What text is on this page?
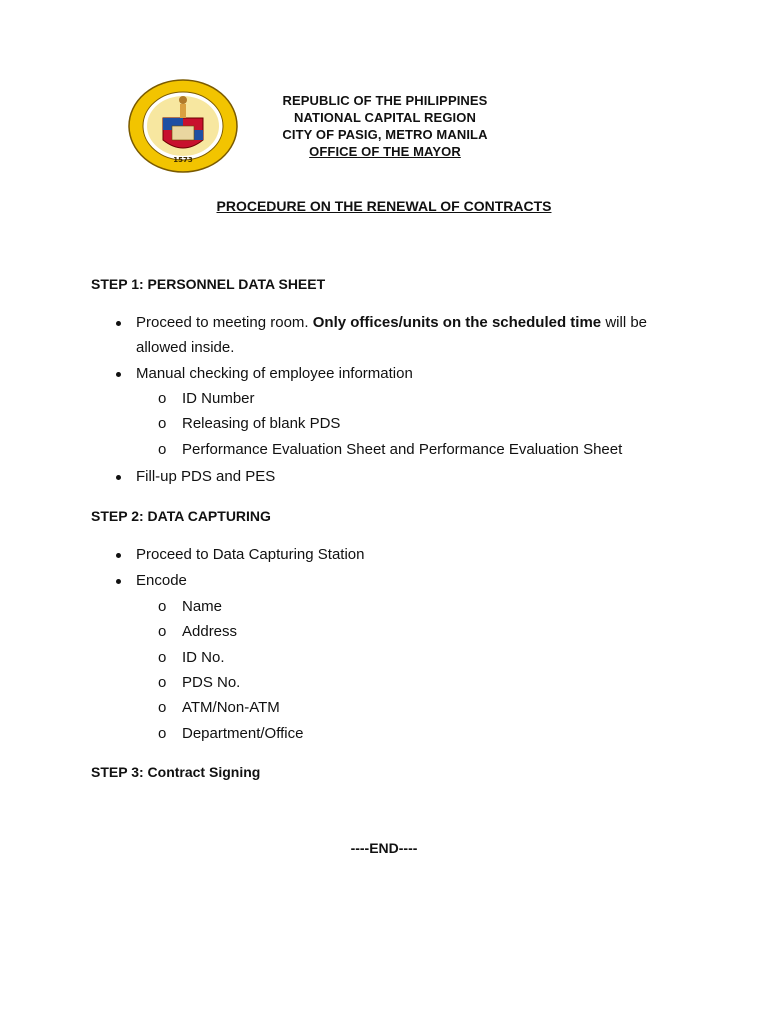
1573
REPUBLIC OF THE PHILIPPINES
NATIONAL CAPITAL REGION
CITY OF PASIG, METRO MANILA
OFFICE OF THE MAYOR
PROCEDURE ON THE RENEWAL OF CONTRACTS
STEP 1: PERSONNEL DATA SHEET
Proceed to meeting room. Only offices/units on the scheduled time will be
allowed inside.
Manual checking of employee information
o ID Number
o Releasing of blank PDS
o Performance Evaluation Sheet and Performance Evaluation Sheet
Fill-up PDS and PES
STEP 2: DATA CAPTURING
Proceed to Data Capturing Station
Encode
o Name
o Address
o ID No.
o PDS No.
o ATM/Non-ATM
o Department/Office
STEP 3: Contract Signing
----END----
